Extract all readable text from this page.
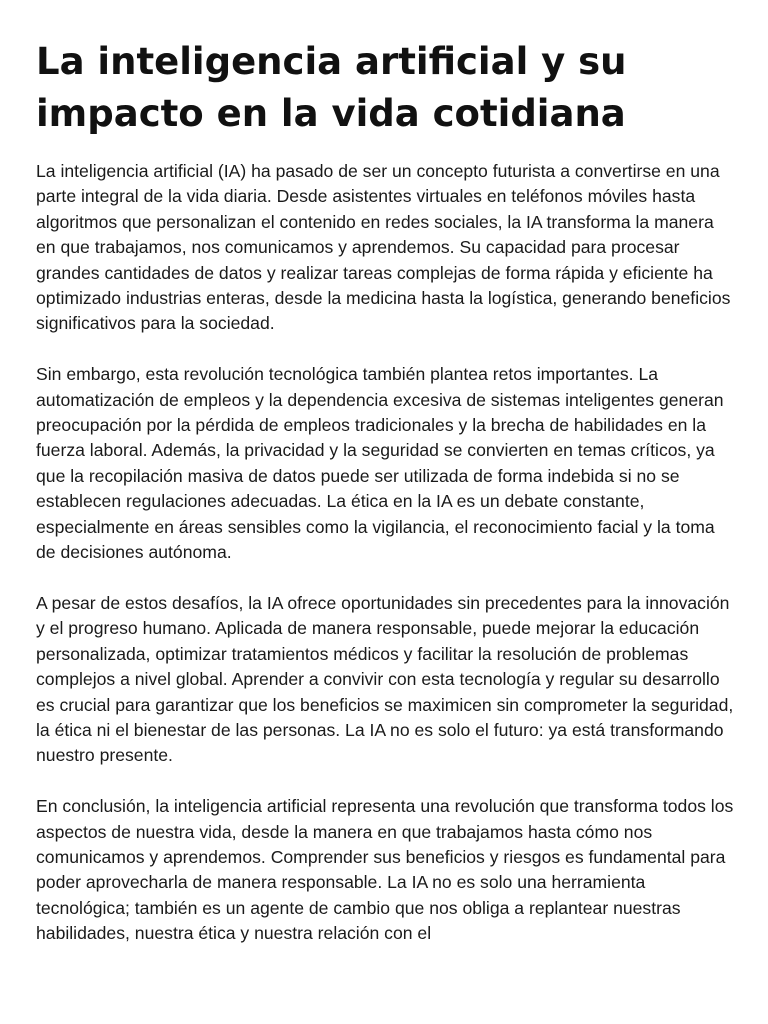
La inteligencia artificial y su impacto en la vida cotidiana

La inteligencia artificial (IA) ha pasado de ser un concepto futurista a convertirse en una parte integral de la vida diaria. Desde asistentes virtuales en teléfonos móviles hasta algoritmos que personalizan el contenido en redes sociales, la IA transforma la manera en que trabajamos, nos comunicamos y aprendemos. Su capacidad para procesar grandes cantidades de datos y realizar tareas complejas de forma rápida y eficiente ha optimizado industrias enteras, desde la medicina hasta la logística, generando beneficios significativos para la sociedad.

Sin embargo, esta revolución tecnológica también plantea retos importantes. La automatización de empleos y la dependencia excesiva de sistemas inteligentes generan preocupación por la pérdida de empleos tradicionales y la brecha de habilidades en la fuerza laboral. Además, la privacidad y la seguridad se convierten en temas críticos, ya que la recopilación masiva de datos puede ser utilizada de forma indebida si no se establecen regulaciones adecuadas. La ética en la IA es un debate constante, especialmente en áreas sensibles como la vigilancia, el reconocimiento facial y la toma de decisiones autónoma.

A pesar de estos desafíos, la IA ofrece oportunidades sin precedentes para la innovación y el progreso humano. Aplicada de manera responsable, puede mejorar la educación personalizada, optimizar tratamientos médicos y facilitar la resolución de problemas complejos a nivel global. Aprender a convivir con esta tecnología y regular su desarrollo es crucial para garantizar que los beneficios se maximicen sin comprometer la seguridad, la ética ni el bienestar de las personas. La IA no es solo el futuro: ya está transformando nuestro presente.

En conclusión, la inteligencia artificial representa una revolución que transforma todos los aspectos de nuestra vida, desde la manera en que trabajamos hasta cómo nos comunicamos y aprendemos. Comprender sus beneficios y riesgos es fundamental para poder aprovecharla de manera responsable. La IA no es solo una herramienta tecnológica; también es un agente de cambio que nos obliga a replantear nuestras habilidades, nuestra ética y nuestra relación con el
